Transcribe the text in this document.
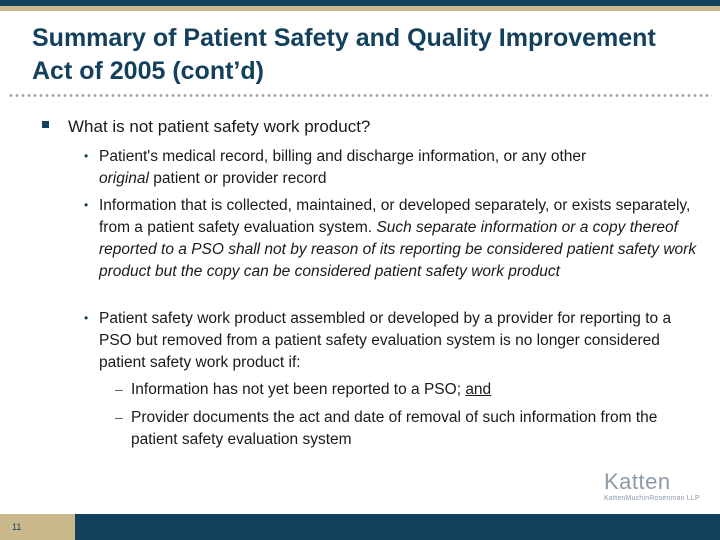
Summary of Patient Safety and Quality Improvement Act of 2005 (cont’d)
What is not patient safety work product?
• Patient's medical record, billing and discharge information, or any other
original patient or provider record
• Information that is collected, maintained, or developed separately, or exists separately, from a patient safety evaluation system. Such separate information or a copy thereof reported to a PSO shall not by reason of its reporting be considered patient safety work product but the copy can be considered patient safety work product
• Patient safety work product assembled or developed by a provider for reporting to a PSO but removed from a patient safety evaluation system is no longer considered patient safety work product if:
– Information has not yet been reported to a PSO; and
– Provider documents the act and date of removal of such information from the patient safety evaluation system
Katten
KattenMuchinRosenman LLP
11
